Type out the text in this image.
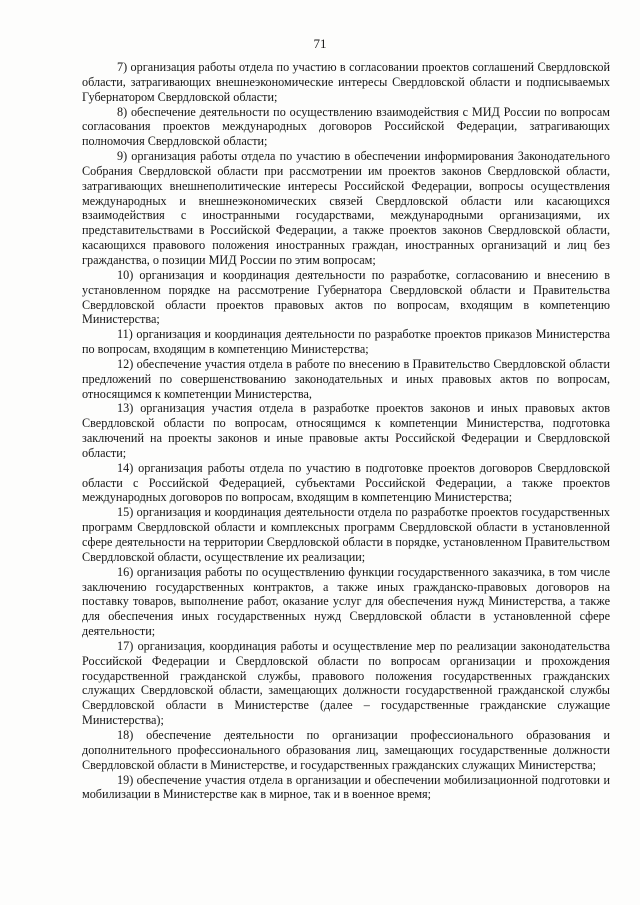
71

7) организация работы отдела по участию в согласовании проектов соглашений Свердловской области, затрагивающих внешнеэкономические интересы Свердловской области и подписываемых Губернатором Свердловской области;

8) обеспечение деятельности по осуществлению взаимодействия с МИД России по вопросам согласования проектов международных договоров Российской Федерации, затрагивающих полномочия Свердловской области;

9) организация работы отдела по участию в обеспечении информирования Законодательного Собрания Свердловской области при рассмотрении им проектов законов Свердловской области, затрагивающих внешнеполитические интересы Российской Федерации, вопросы осуществления международных и внешнеэкономических связей Свердловской области или касающихся взаимодействия с иностранными государствами, международными организациями, их представительствами в Российской Федерации, а также проектов законов Свердловской области, касающихся правового положения иностранных граждан, иностранных организаций и лиц без гражданства, о позиции МИД России по этим вопросам;

10) организация и координация деятельности по разработке, согласованию и внесению в установленном порядке на рассмотрение Губернатора Свердловской области и Правительства Свердловской области проектов правовых актов по вопросам, входящим в компетенцию Министерства;

11) организация и координация деятельности по разработке проектов приказов Министерства по вопросам, входящим в компетенцию Министерства;

12) обеспечение участия отдела в работе по внесению в Правительство Свердловской области предложений по совершенствованию законодательных и иных правовых актов по вопросам, относящимся к компетенции Министерства,

13) организация участия отдела в разработке проектов законов и иных правовых актов Свердловской области по вопросам, относящимся к компетенции Министерства, подготовка заключений на проекты законов и иные правовые акты Российской Федерации и Свердловской области;

14) организация работы отдела по участию в подготовке проектов договоров Свердловской области с Российской Федерацией, субъектами Российской Федерации, а также проектов международных договоров по вопросам, входящим в компетенцию Министерства;

15) организация и координация деятельности отдела по разработке проектов государственных программ Свердловской области и комплексных программ Свердловской области в установленной сфере деятельности на территории Свердловской области в порядке, установленном Правительством Свердловской области, осуществление их реализации;

16) организация работы по осуществлению функции государственного заказчика, в том числе заключению государственных контрактов, а также иных гражданско-правовых договоров на поставку товаров, выполнение работ, оказание услуг для обеспечения нужд Министерства, а также для обеспечения иных государственных нужд Свердловской области в установленной сфере деятельности;

17) организация, координация работы и осуществление мер по реализации законодательства Российской Федерации и Свердловской области по вопросам организации и прохождения государственной гражданской службы, правового положения государственных гражданских служащих Свердловской области, замещающих должности государственной гражданской службы Свердловской области в Министерстве (далее – государственные гражданские служащие Министерства);

18) обеспечение деятельности по организации профессионального образования и дополнительного профессионального образования лиц, замещающих государственные должности Свердловской области в Министерстве, и государственных гражданских служащих Министерства;

19) обеспечение участия отдела в организации и обеспечении мобилизационной подготовки и мобилизации в Министерстве как в мирное, так и в военное время;
